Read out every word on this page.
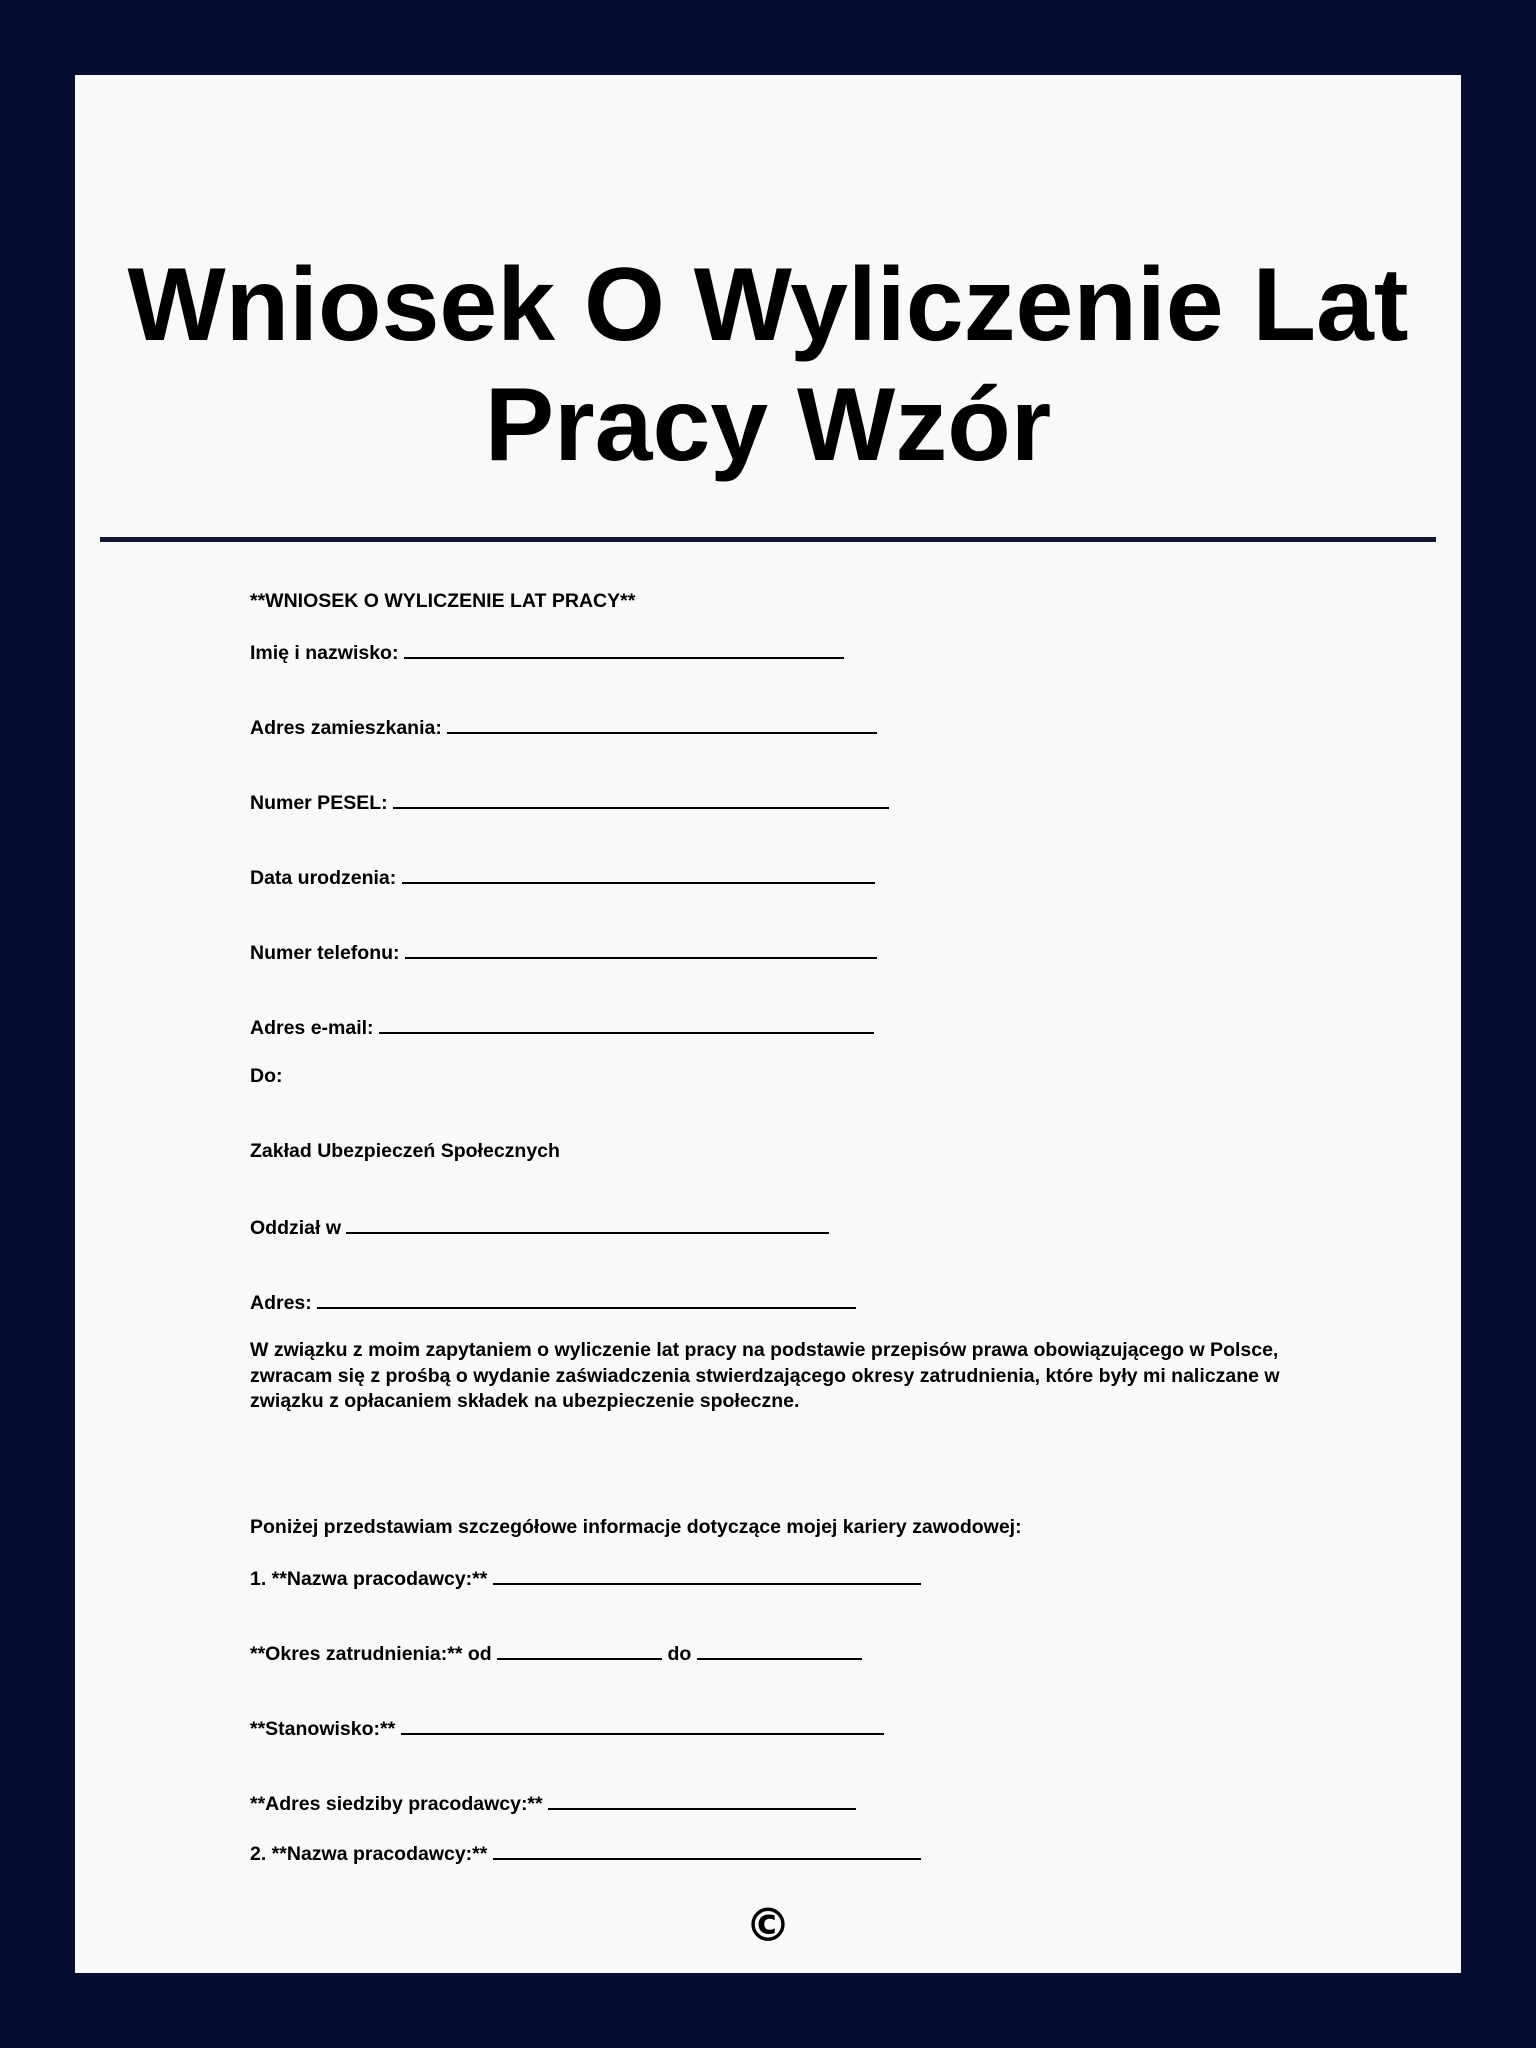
Wniosek O Wyliczenie Lat Pracy Wzór
**WNIOSEK O WYLICZENIE LAT PRACY**
Imię i nazwisko:
Adres zamieszkania:
Numer PESEL:
Data urodzenia:
Numer telefonu:
Adres e-mail:
Do:
Zakład Ubezpieczeń Społecznych
Oddział w
Adres:
W związku z moim zapytaniem o wyliczenie lat pracy na podstawie przepisów prawa obowiązującego w Polsce, zwracam się z prośbą o wydanie zaświadczenia stwierdzającego okresy zatrudnienia, które były mi naliczane w związku z opłacaniem składek na ubezpieczenie społeczne.
Poniżej przedstawiam szczegółowe informacje dotyczące mojej kariery zawodowej:
1. **Nazwa pracodawcy:**
**Okres zatrudnienia:** od	do
**Stanowisko:**
**Adres siedziby pracodawcy:**
2. **Nazwa pracodawcy:**
©
